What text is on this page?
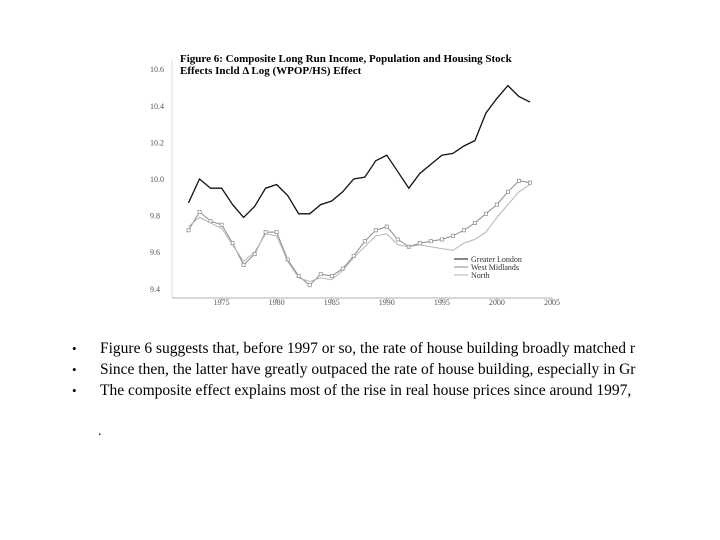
Figure 6: Composite Long Run Income, Population and Housing Stock
Effects Incld Δ Log (WPOP/HS) Effect
1975	1980	1985	1990	1995	2000	2005
9.4
9.6
9.8
10.0
10.2
10.4
10.6
Greater London
West Midlands
North
• Figure 6 suggests that, before 1997 or so, the rate of house building broadly matched r
• Since then, the latter have greatly outpaced the rate of house building, especially in Gr
• The composite effect explains most of the rise in real house prices since around 1997,
.
